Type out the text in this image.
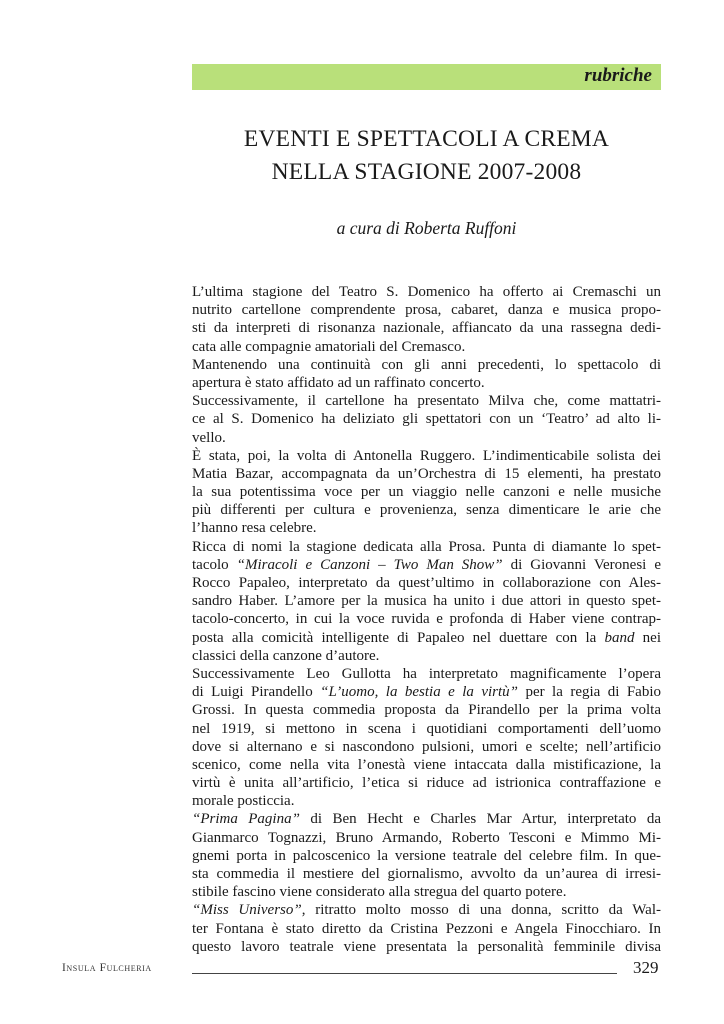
rubriche
EVENTI E SPETTACOLI A CREMA
NELLA STAGIONE 2007-2008
a cura di Roberta Ruffoni
L’ultima stagione del Teatro S. Domenico ha offerto ai Cremaschi un
nutrito cartellone comprendente prosa, cabaret, danza e musica propo-
sti da interpreti di risonanza nazionale, affiancato da una rassegna dedi-
cata alle compagnie amatoriali del Cremasco.
Mantenendo una continuità con gli anni precedenti, lo spettacolo di
apertura è stato affidato ad un raffinato concerto.
Successivamente, il cartellone ha presentato Milva che, come mattatri-
ce al S. Domenico ha deliziato gli spettatori con un ‘Teatro’ ad alto li-
vello.
È stata, poi, la volta di Antonella Ruggero. L’indimenticabile solista dei
Matia Bazar, accompagnata da un’Orchestra di 15 elementi, ha prestato
la sua potentissima voce per un viaggio nelle canzoni e nelle musiche
più differenti per cultura e provenienza, senza dimenticare le arie che
l’hanno resa celebre.
Ricca di nomi la stagione dedicata alla Prosa. Punta di diamante lo spet-
tacolo “Miracoli e Canzoni – Two Man Show” di Giovanni Veronesi e
Rocco Papaleo, interpretato da quest’ultimo in collaborazione con Ales-
sandro Haber. L’amore per la musica ha unito i due attori in questo spet-
tacolo-concerto, in cui la voce ruvida e profonda di Haber viene contrap-
posta alla comicità intelligente di Papaleo nel duettare con la band nei
classici della canzone d’autore.
Successivamente Leo Gullotta ha interpretato magnificamente l’opera
di Luigi Pirandello “L’uomo, la bestia e la virtù” per la regia di Fabio
Grossi. In questa commedia proposta da Pirandello per la prima volta
nel 1919, si mettono in scena i quotidiani comportamenti dell’uomo
dove si alternano e si nascondono pulsioni, umori e scelte; nell’artificio
scenico, come nella vita l’onestà viene intaccata dalla mistificazione, la
virtù è unita all’artificio, l’etica si riduce ad istrionica contraffazione e
morale posticcia.
“Prima Pagina” di Ben Hecht e Charles Mar Artur, interpretato da
Gianmarco Tognazzi, Bruno Armando, Roberto Tesconi e Mimmo Mi-
gnemi porta in palcoscenico la versione teatrale del celebre film. In que-
sta commedia il mestiere del giornalismo, avvolto da un’aurea di irresi-
stibile fascino viene considerato alla stregua del quarto potere.
“Miss Universo”, ritratto molto mosso di una donna, scritto da Wal-
ter Fontana è stato diretto da Cristina Pezzoni e Angela Finocchiaro. In
questo lavoro teatrale viene presentata la personalità femminile divisa
Insula Fulcheria	329
